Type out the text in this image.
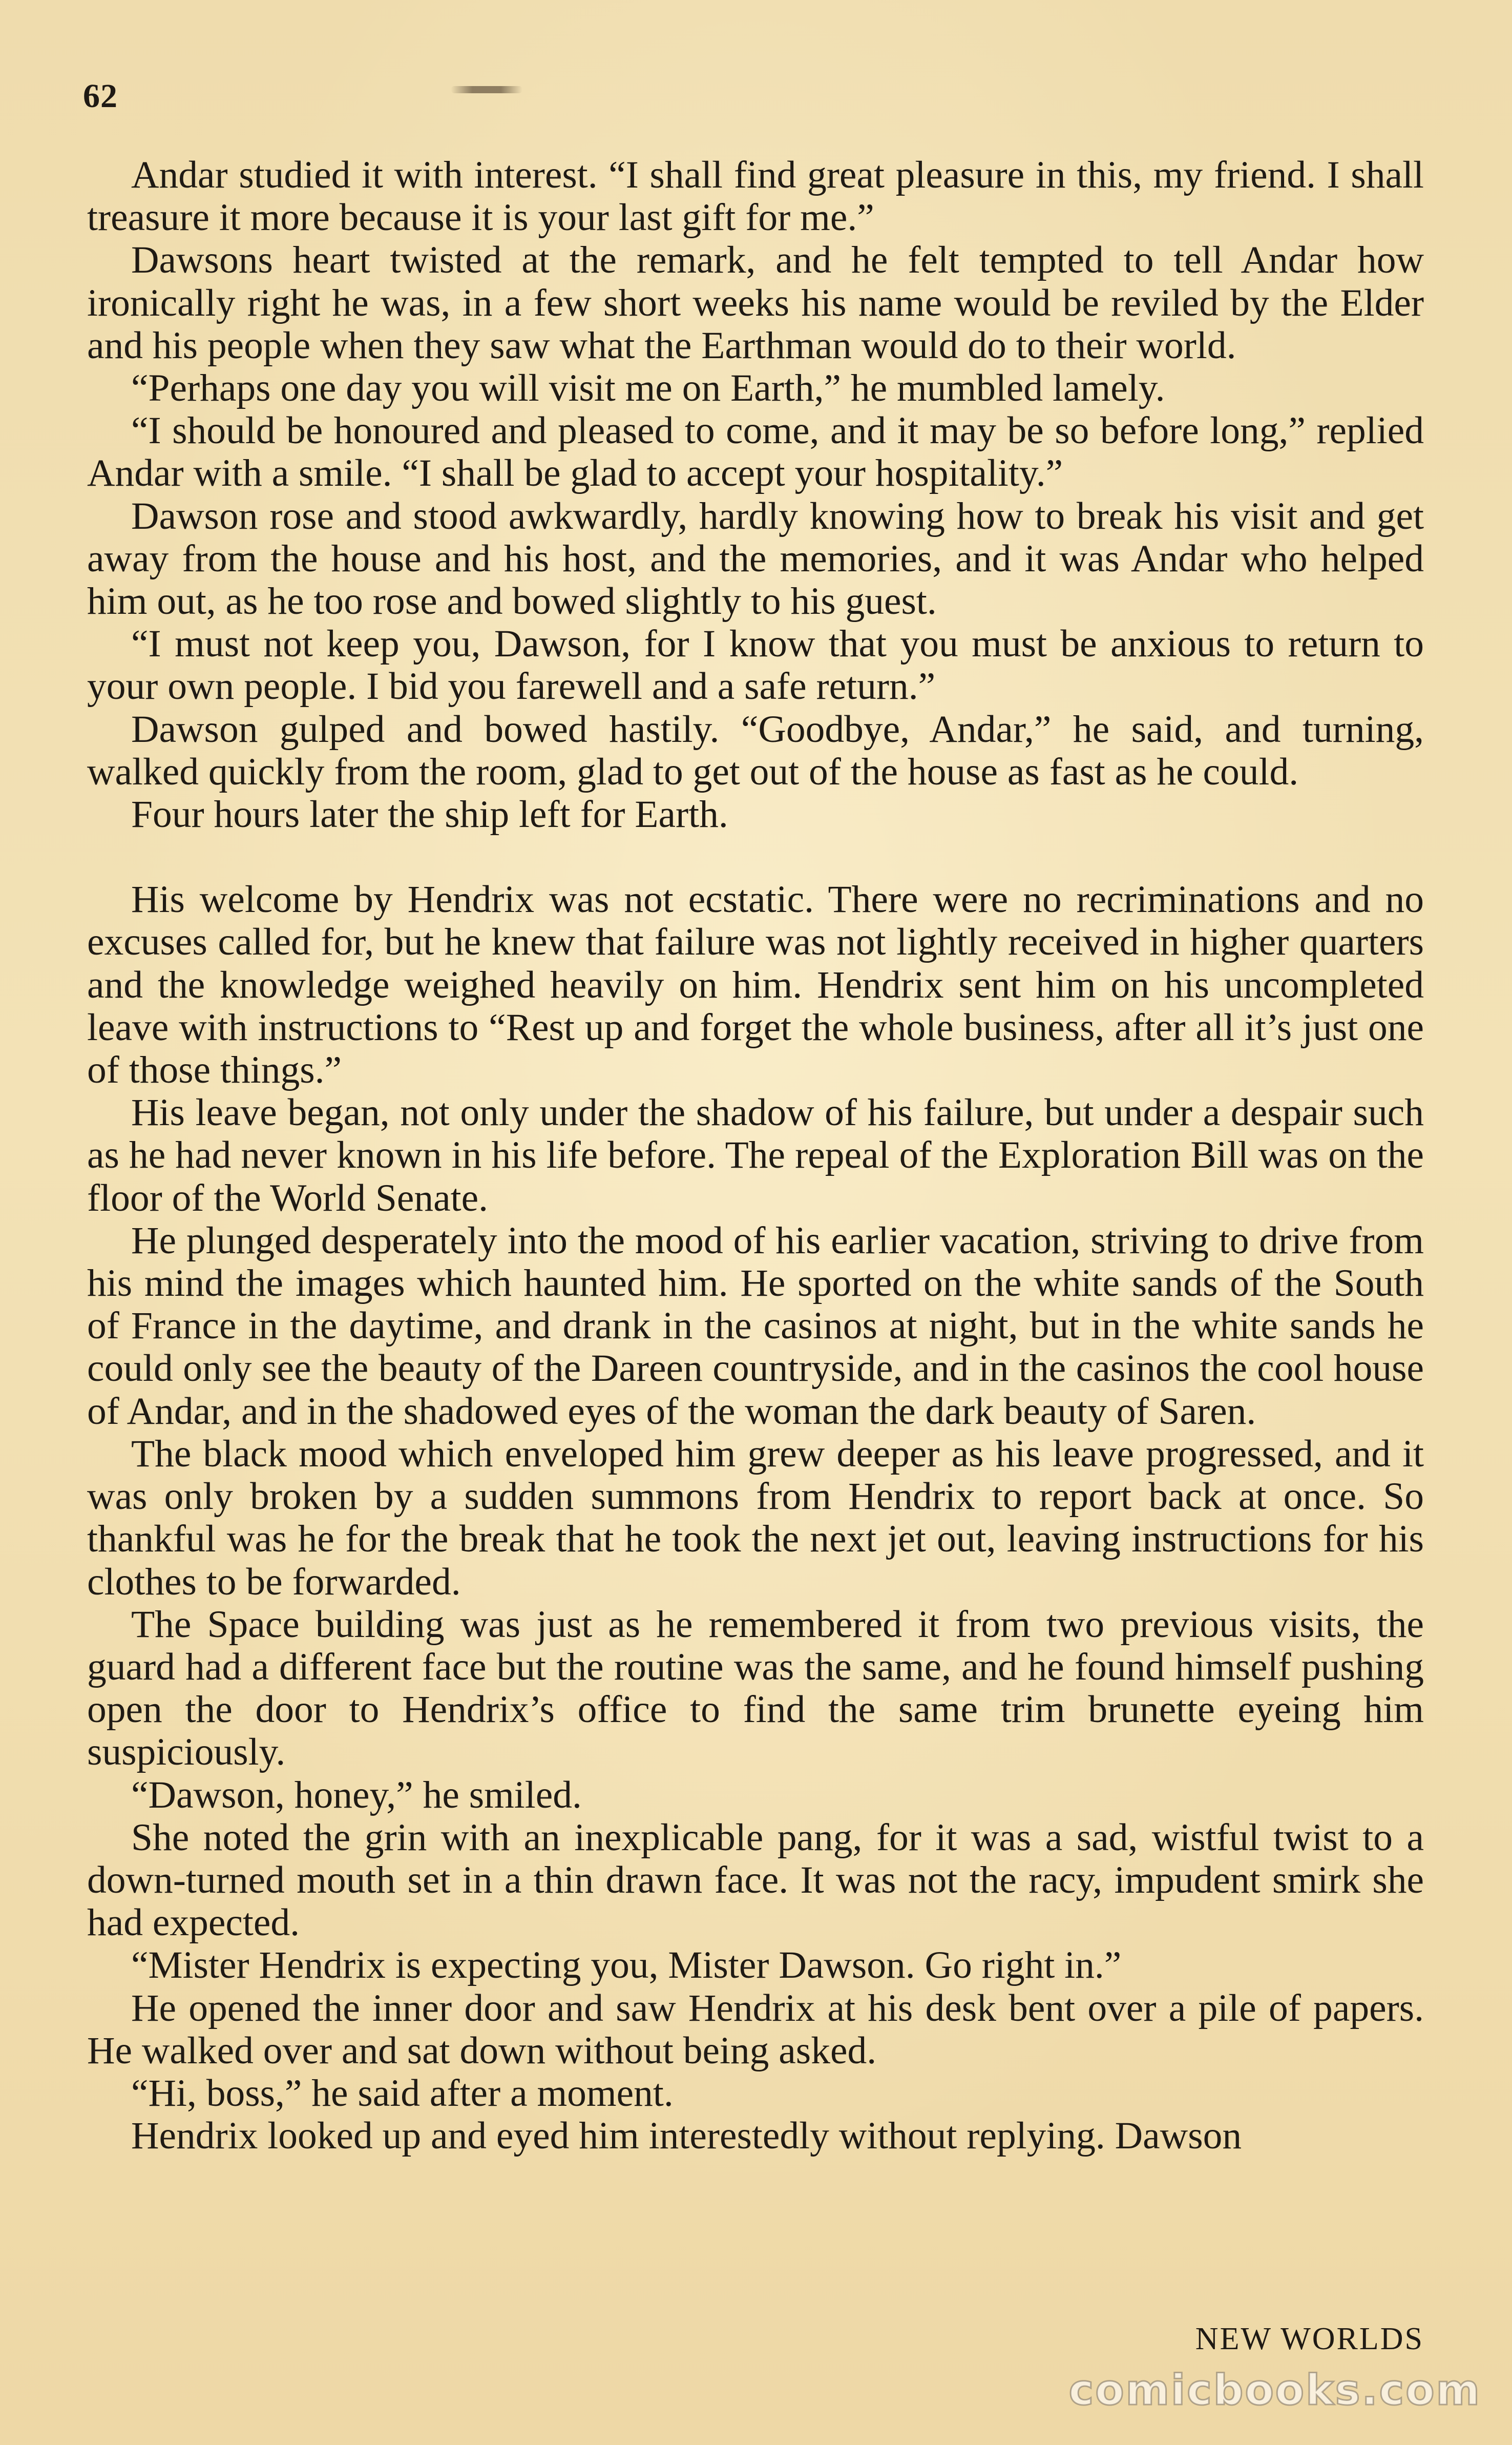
62

Andar studied it with interest. “I shall find great pleasure in this, my friend. I shall treasure it more because it is your last gift for me.”

Dawsons heart twisted at the remark, and he felt tempted to tell Andar how ironically right he was, in a few short weeks his name would be reviled by the Elder and his people when they saw what the Earthman would do to their world.

“Perhaps one day you will visit me on Earth,” he mumbled lamely.

“I should be honoured and pleased to come, and it may be so before long,” replied Andar with a smile. “I shall be glad to accept your hospitality.”

Dawson rose and stood awkwardly, hardly knowing how to break his visit and get away from the house and his host, and the memories, and it was Andar who helped him out, as he too rose and bowed slightly to his guest.

“I must not keep you, Dawson, for I know that you must be anxious to return to your own people. I bid you farewell and a safe return.”

Dawson gulped and bowed hastily. “Goodbye, Andar,” he said, and turning, walked quickly from the room, glad to get out of the house as fast as he could.

Four hours later the ship left for Earth.

His welcome by Hendrix was not ecstatic. There were no recriminations and no excuses called for, but he knew that failure was not lightly received in higher quarters and the knowledge weighed heavily on him. Hendrix sent him on his uncompleted leave with instructions to “Rest up and forget the whole business, after all it’s just one of those things.”

His leave began, not only under the shadow of his failure, but under a despair such as he had never known in his life before. The repeal of the Exploration Bill was on the floor of the World Senate.

He plunged desperately into the mood of his earlier vacation, striving to drive from his mind the images which haunted him. He sported on the white sands of the South of France in the daytime, and drank in the casinos at night, but in the white sands he could only see the beauty of the Dareen countryside, and in the casinos the cool house of Andar, and in the shadowed eyes of the woman the dark beauty of Saren.

The black mood which enveloped him grew deeper as his leave progressed, and it was only broken by a sudden summons from Hendrix to report back at once. So thankful was he for the break that he took the next jet out, leaving instructions for his clothes to be forwarded.

The Space building was just as he remembered it from two previous visits, the guard had a different face but the routine was the same, and he found himself pushing open the door to Hendrix’s office to find the same trim brunette eyeing him suspiciously.

“Dawson, honey,” he smiled.

She noted the grin with an inexplicable pang, for it was a sad, wistful twist to a down-turned mouth set in a thin drawn face. It was not the racy, impudent smirk she had expected.

“Mister Hendrix is expecting you, Mister Dawson. Go right in.”

He opened the inner door and saw Hendrix at his desk bent over a pile of papers. He walked over and sat down without being asked.

“Hi, boss,” he said after a moment.

Hendrix looked up and eyed him interestedly without replying. Dawson

NEW WORLDS
comicbooks.com
